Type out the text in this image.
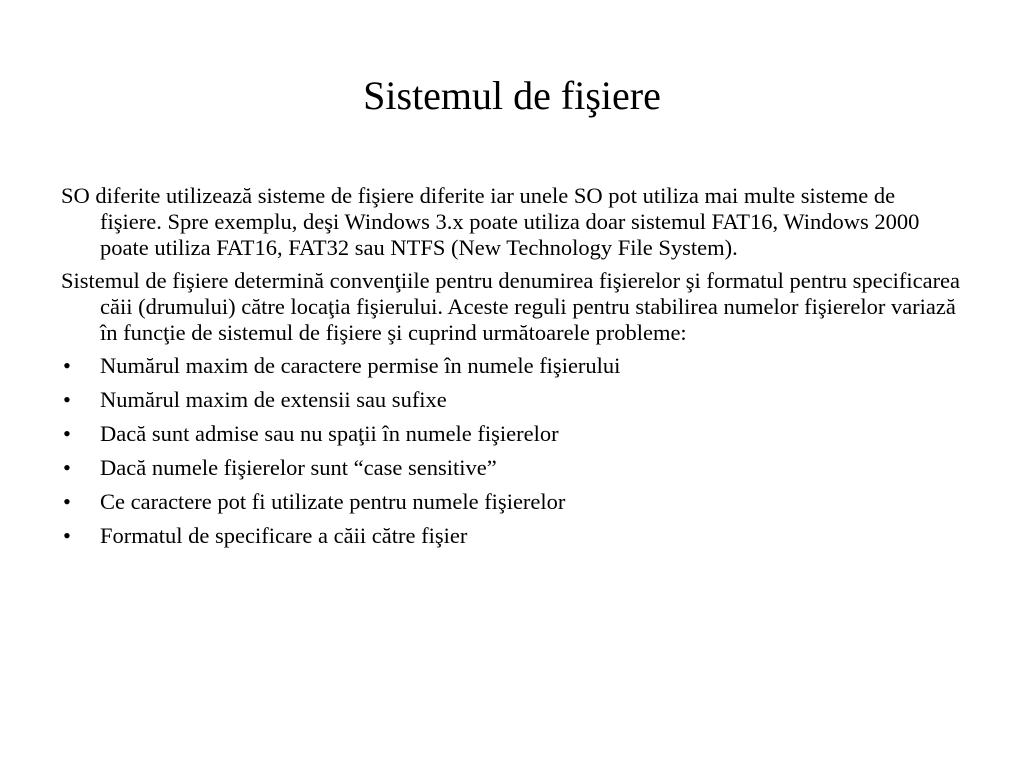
Sistemul de fişiere

SO diferite utilizează sisteme de fişiere diferite iar unele SO pot utiliza mai multe sisteme de fişiere. Spre exemplu, deşi Windows 3.x poate utiliza doar sistemul FAT16, Windows 2000 poate utiliza FAT16, FAT32 sau NTFS (New Technology File System).

Sistemul de fişiere determină convenţiile pentru denumirea fişierelor şi formatul pentru specificarea căii (drumului) către locaţia fişierului. Aceste reguli pentru stabilirea numelor fişierelor variază în funcţie de sistemul de fişiere şi cuprind următoarele probleme:

• Numărul maxim de caractere permise în numele fişierului
• Numărul maxim de extensii sau sufixe
• Dacă sunt admise sau nu spaţii în numele fişierelor
• Dacă numele fişierelor sunt “case sensitive”
• Ce caractere pot fi utilizate pentru numele fişierelor
• Formatul de specificare a căii către fişier
